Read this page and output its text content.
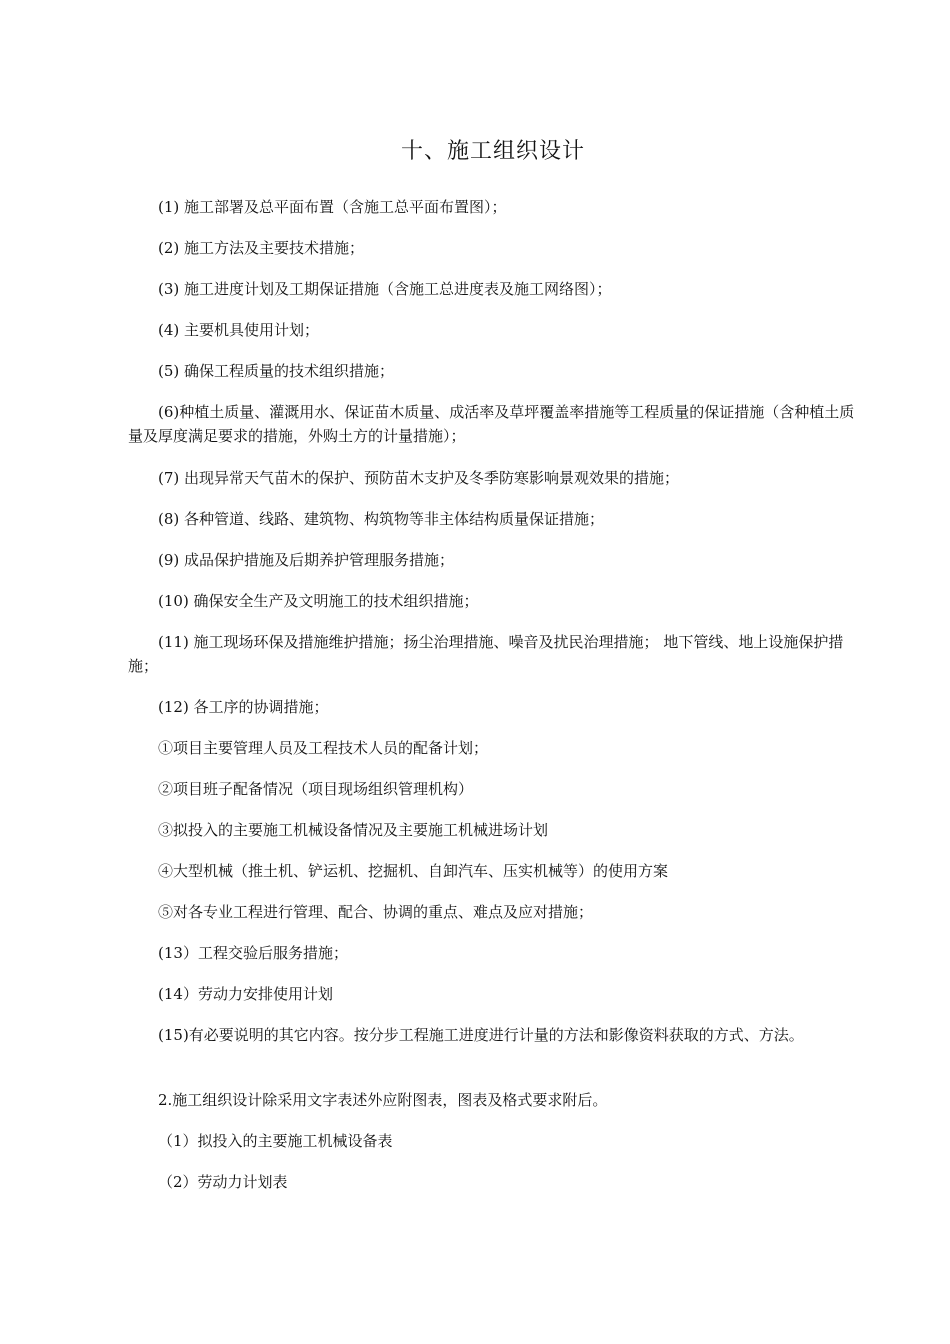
十、施工组织设计

(1) 施工部署及总平面布置（含施工总平面布置图）；

(2) 施工方法及主要技术措施；

(3) 施工进度计划及工期保证措施（含施工总进度表及施工网络图）；

(4) 主要机具使用计划；

(5) 确保工程质量的技术组织措施；

(6)种植土质量、灌溉用水、保证苗木质量、成活率及草坪覆盖率措施等工程质量的保证措施（含种植土质量及厚度满足要求的措施，外购土方的计量措施）；

(7) 出现异常天气苗木的保护、预防苗木支护及冬季防寒影响景观效果的措施；

(8) 各种管道、线路、建筑物、构筑物等非主体结构质量保证措施；

(9) 成品保护措施及后期养护管理服务措施；

(10) 确保安全生产及文明施工的技术组织措施；

(11) 施工现场环保及措施维护措施；扬尘治理措施、噪音及扰民治理措施； 地下管线、地上设施保护措施；

(12) 各工序的协调措施；

①项目主要管理人员及工程技术人员的配备计划；

②项目班子配备情况（项目现场组织管理机构）

③拟投入的主要施工机械设备情况及主要施工机械进场计划

④大型机械（推土机、铲运机、挖掘机、自卸汽车、压实机械等）的使用方案

⑤对各专业工程进行管理、配合、协调的重点、难点及应对措施；

(13）工程交验后服务措施；

(14）劳动力安排使用计划

(15)有必要说明的其它内容。按分步工程施工进度进行计量的方法和影像资料获取的方式、方法。

2.施工组织设计除采用文字表述外应附图表，图表及格式要求附后。

（1）拟投入的主要施工机械设备表

（2）劳动力计划表
